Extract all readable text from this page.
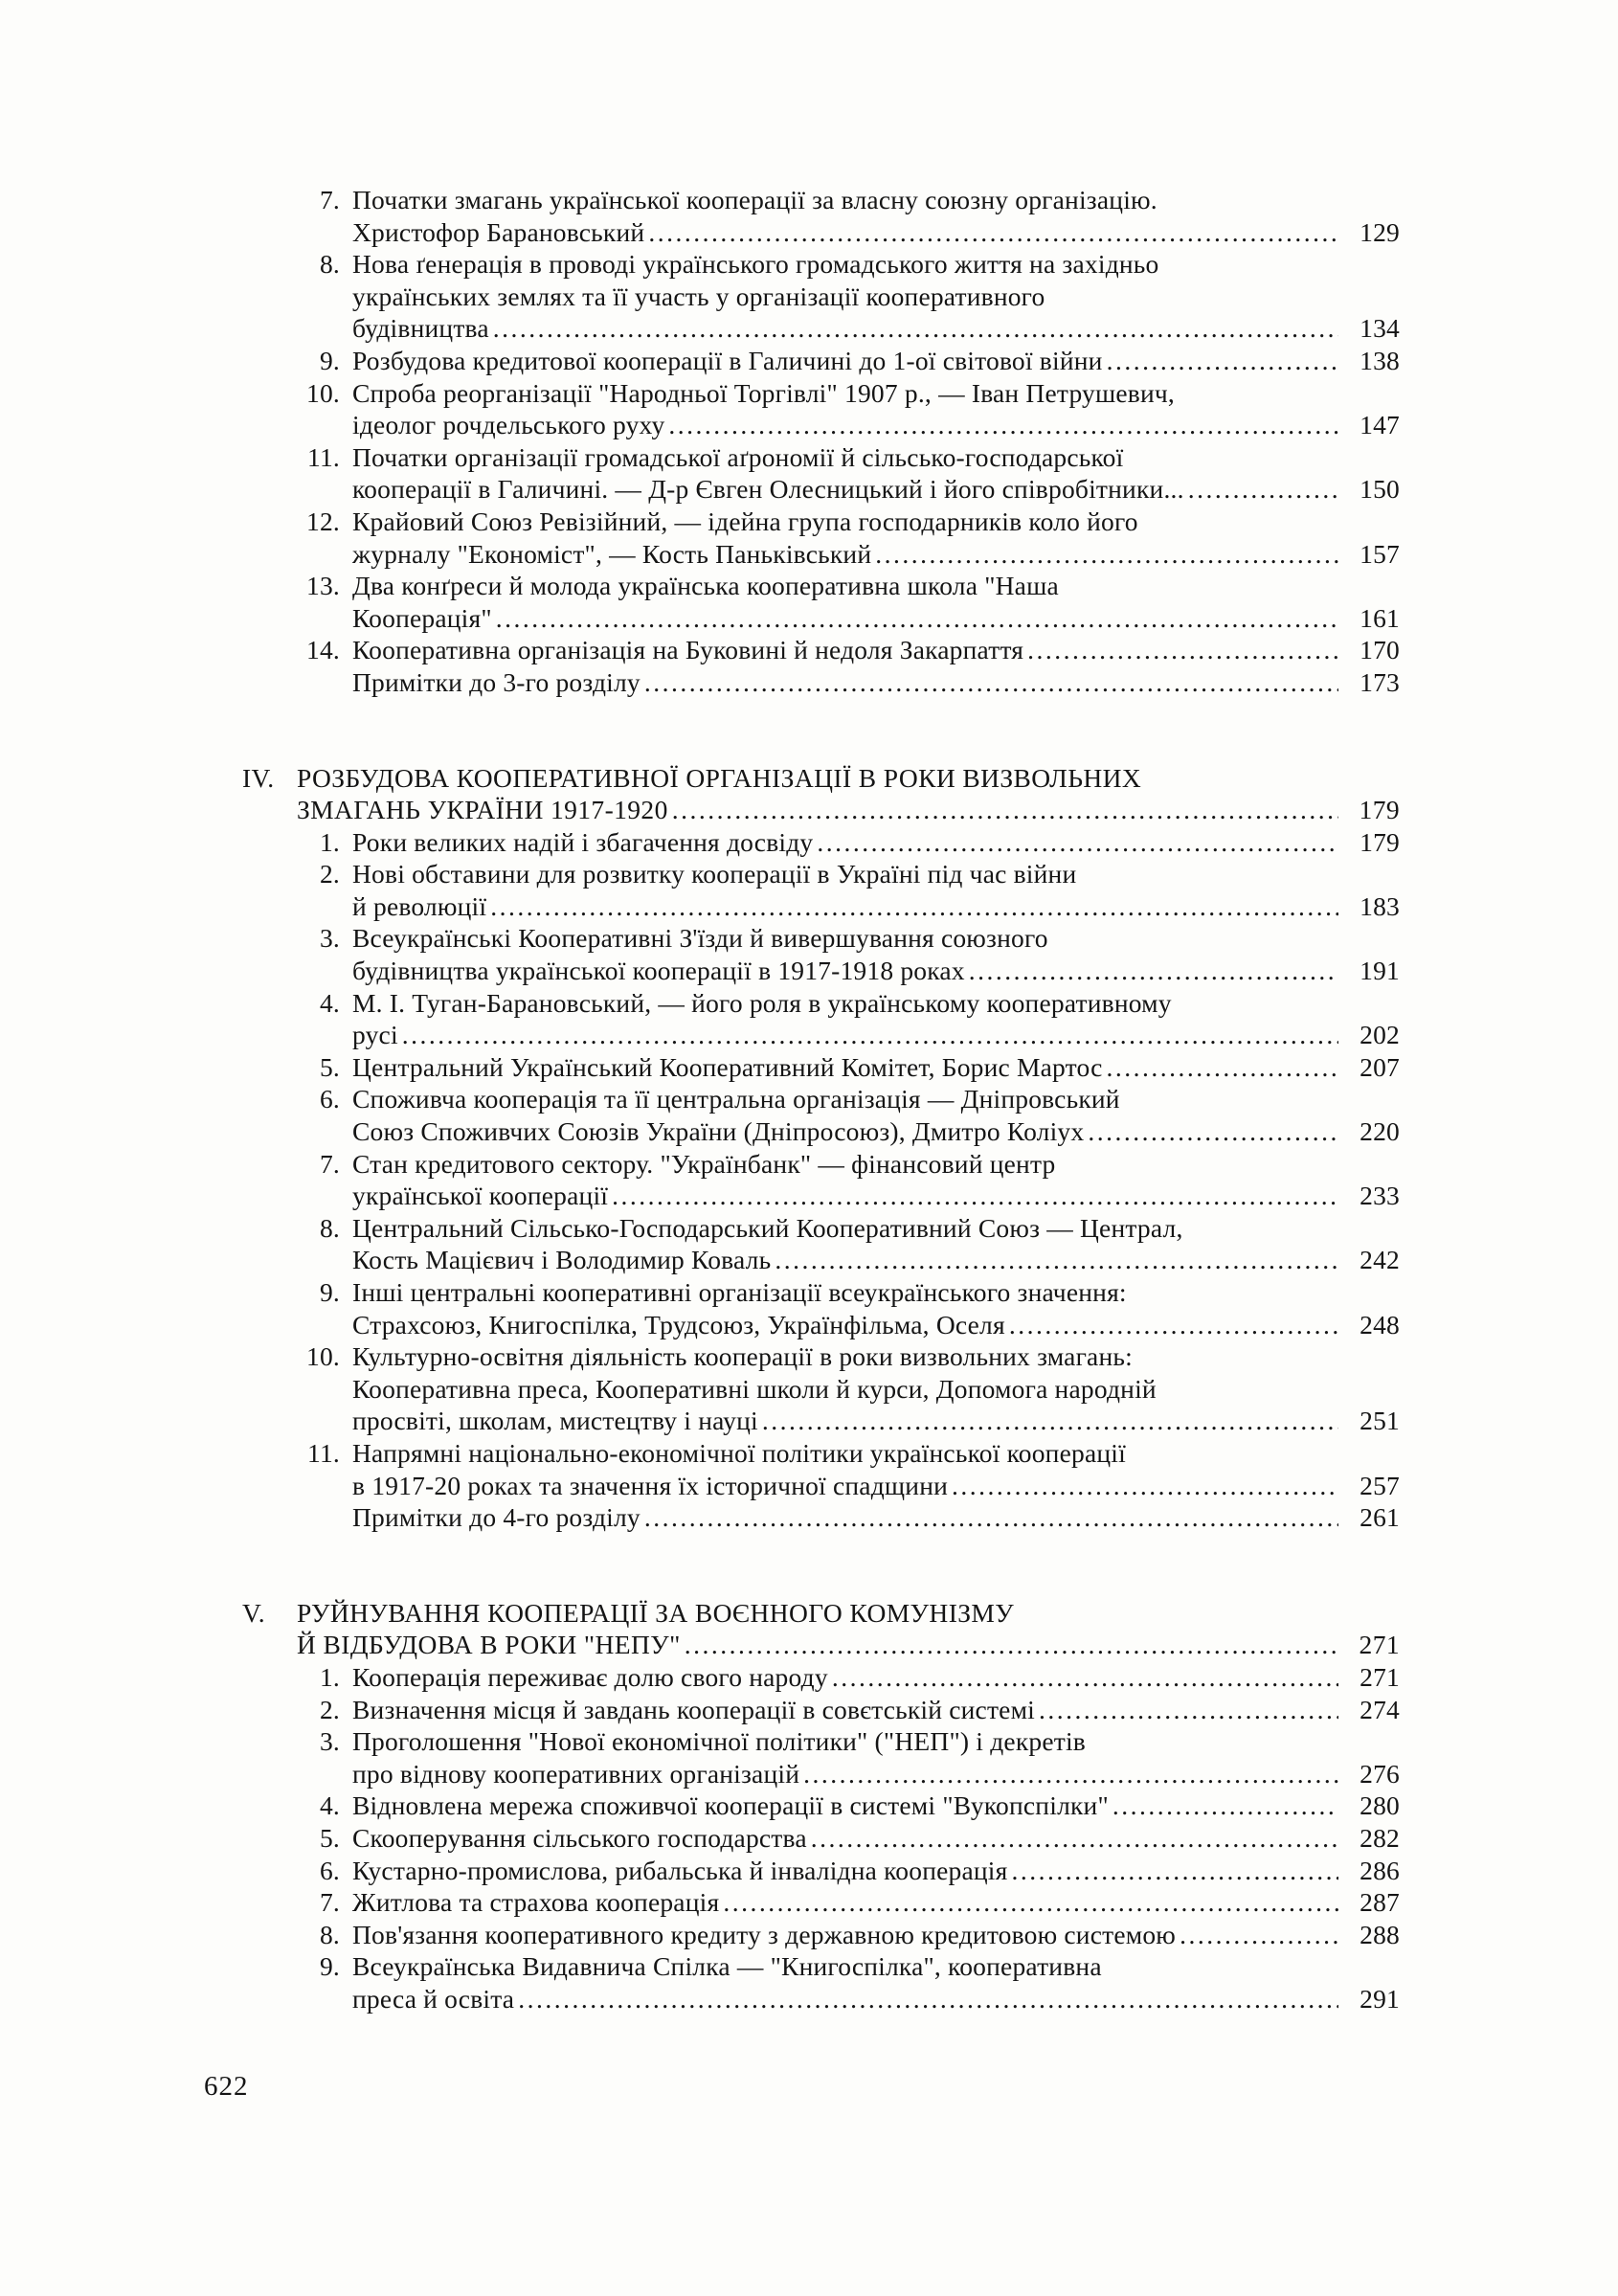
7. Початки змагань української кооперації за власну союзну організацію.
Христофор Барановський .....	129
8. Нова ґенерація в проводі українського громадського життя на західньо
українських землях та її участь у організації кооперативного
будівництва .....	134
9. Розбудова кредитової кооперації в Галичині до 1-ої світової війни .....	138
10. Спроба реорганізації "Народньої Торгівлі" 1907 р., — Іван Петрушевич,
ідеолог рочдельського руху .....	147
11. Початки організації громадської аґрономії й сільсько-господарської
кооперації в Галичині. — Д-р Євген Олесницький і його співробітники... .....	150
12. Крайовий Союз Ревізійний, — ідейна група господарників коло його
журналу "Економіст", — Кость Паньківський .....	157
13. Два конґреси й молода українська кооперативна школа "Наша
Кооперація" .....	161
14. Кооперативна організація на Буковині й недоля Закарпаття .....	170
Примітки до 3-го розділу .....	173
IV. РОЗБУДОВА КООПЕРАТИВНОЇ ОРГАНІЗАЦІЇ В РОКИ ВИЗВОЛЬНИХ
ЗМАГАНЬ УКРАЇНИ 1917-1920 .....	179
1. Роки великих надій і збагачення досвіду .....	179
2. Нові обставини для розвитку кооперації в Україні під час війни
й революції .....	183
3. Всеукраїнські Кооперативні З'їзди й вивершування союзного
будівництва української кооперації в 1917-1918 роках .....	191
4. М. І. Туган-Барановський, — його роля в українському кооперативному
русі .....	202
5. Центральний Український Кооперативний Комітет, Борис Мартос .....	207
6. Споживча кооперація та її центральна організація — Дніпровський
Союз Споживчих Союзів України (Дніпросоюз), Дмитро Коліух .....	220
7. Стан кредитового сектору. "Українбанк" — фінансовий центр
української кооперації .....	233
8. Центральний Сільсько-Господарський Кооперативний Союз — Централ,
Кость Мацієвич і Володимир Коваль .....	242
9. Інші центральні кооперативні організації всеукраїнського значення:
Страхсоюз, Книгоспілка, Трудсоюз, Українфільма, Оселя .....	248
10. Культурно-освітня діяльність кооперації в роки визвольних змагань:
Кооперативна преса, Кооперативні школи й курси, Допомога народній
просвіті, школам, мистецтву і науці .....	251
11. Напрямні національно-економічної політики української кооперації
в 1917-20 роках та значення їх історичної спадщини .....	257
Примітки до 4-го розділу .....	261
V.	РУЙНУВАННЯ КООПЕРАЦІЇ ЗА ВОЄННОГО КОМУНІЗМУ
Й ВІДБУДОВА В РОКИ "НЕПУ" .....	271
1. Кооперація переживає долю свого народу .....	271
2. Визначення місця й завдань кооперації в совєтській системі .....	274
3. Проголошення "Нової економічної політики" ("НЕП") і декретів
про віднову кооперативних організацій .....	276
4. Відновлена мережа споживчої кооперації в системі "Вукопспілки" .....	280
5. Скооперування сільського господарства .....	282
6. Кустарно-промислова, рибальська й інвалідна кооперація .....	286
7. Житлова та страхова кооперація .....	287
8. Пов'язання кооперативного кредиту з державною кредитовою системою .....	288
9. Всеукраїнська Видавнича Спілка — "Книгоспілка", кооперативна
преса й освіта .....	291
622
